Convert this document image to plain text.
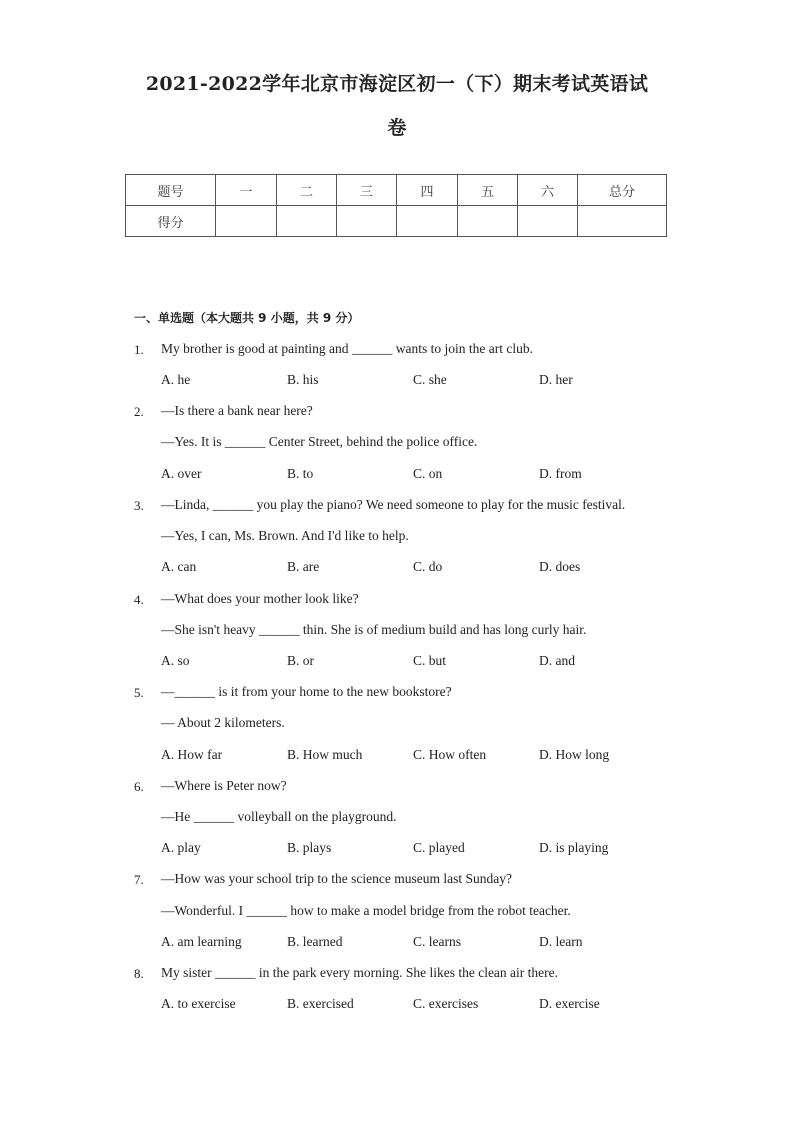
2021-2022学年北京市海淀区初一（下）期末考试英语试
卷
题号	一	二	三	四	五	六	总分
得分							
一、单选题（本大题共 9 小题，共 9 分）
1. My brother is good at painting and ______ wants to join the art club.
A. he	B. his	C. she	D. her
2. —Is there a bank near here?
—Yes. It is ______ Center Street, behind the police office.
A. over	B. to	C. on	D. from
3. —Linda, ______ you play the piano? We need someone to play for the music festival.
—Yes, I can, Ms. Brown. And I'd like to help.
A. can	B. are	C. do	D. does
4. —What does your mother look like?
—She isn't heavy ______ thin. She is of medium build and has long curly hair.
A. so	B. or	C. but	D. and
5. —______ is it from your home to the new bookstore?
— About 2 kilometers.
A. How far	B. How much	C. How often	D. How long
6. —Where is Peter now?
—He ______ volleyball on the playground.
A. play	B. plays	C. played	D. is playing
7. —How was your school trip to the science museum last Sunday?
—Wonderful. I ______ how to make a model bridge from the robot teacher.
A. am learning	B. learned	C. learns	D. learn
8. My sister ______ in the park every morning. She likes the clean air there.
A. to exercise	B. exercised	C. exercises	D. exercise
